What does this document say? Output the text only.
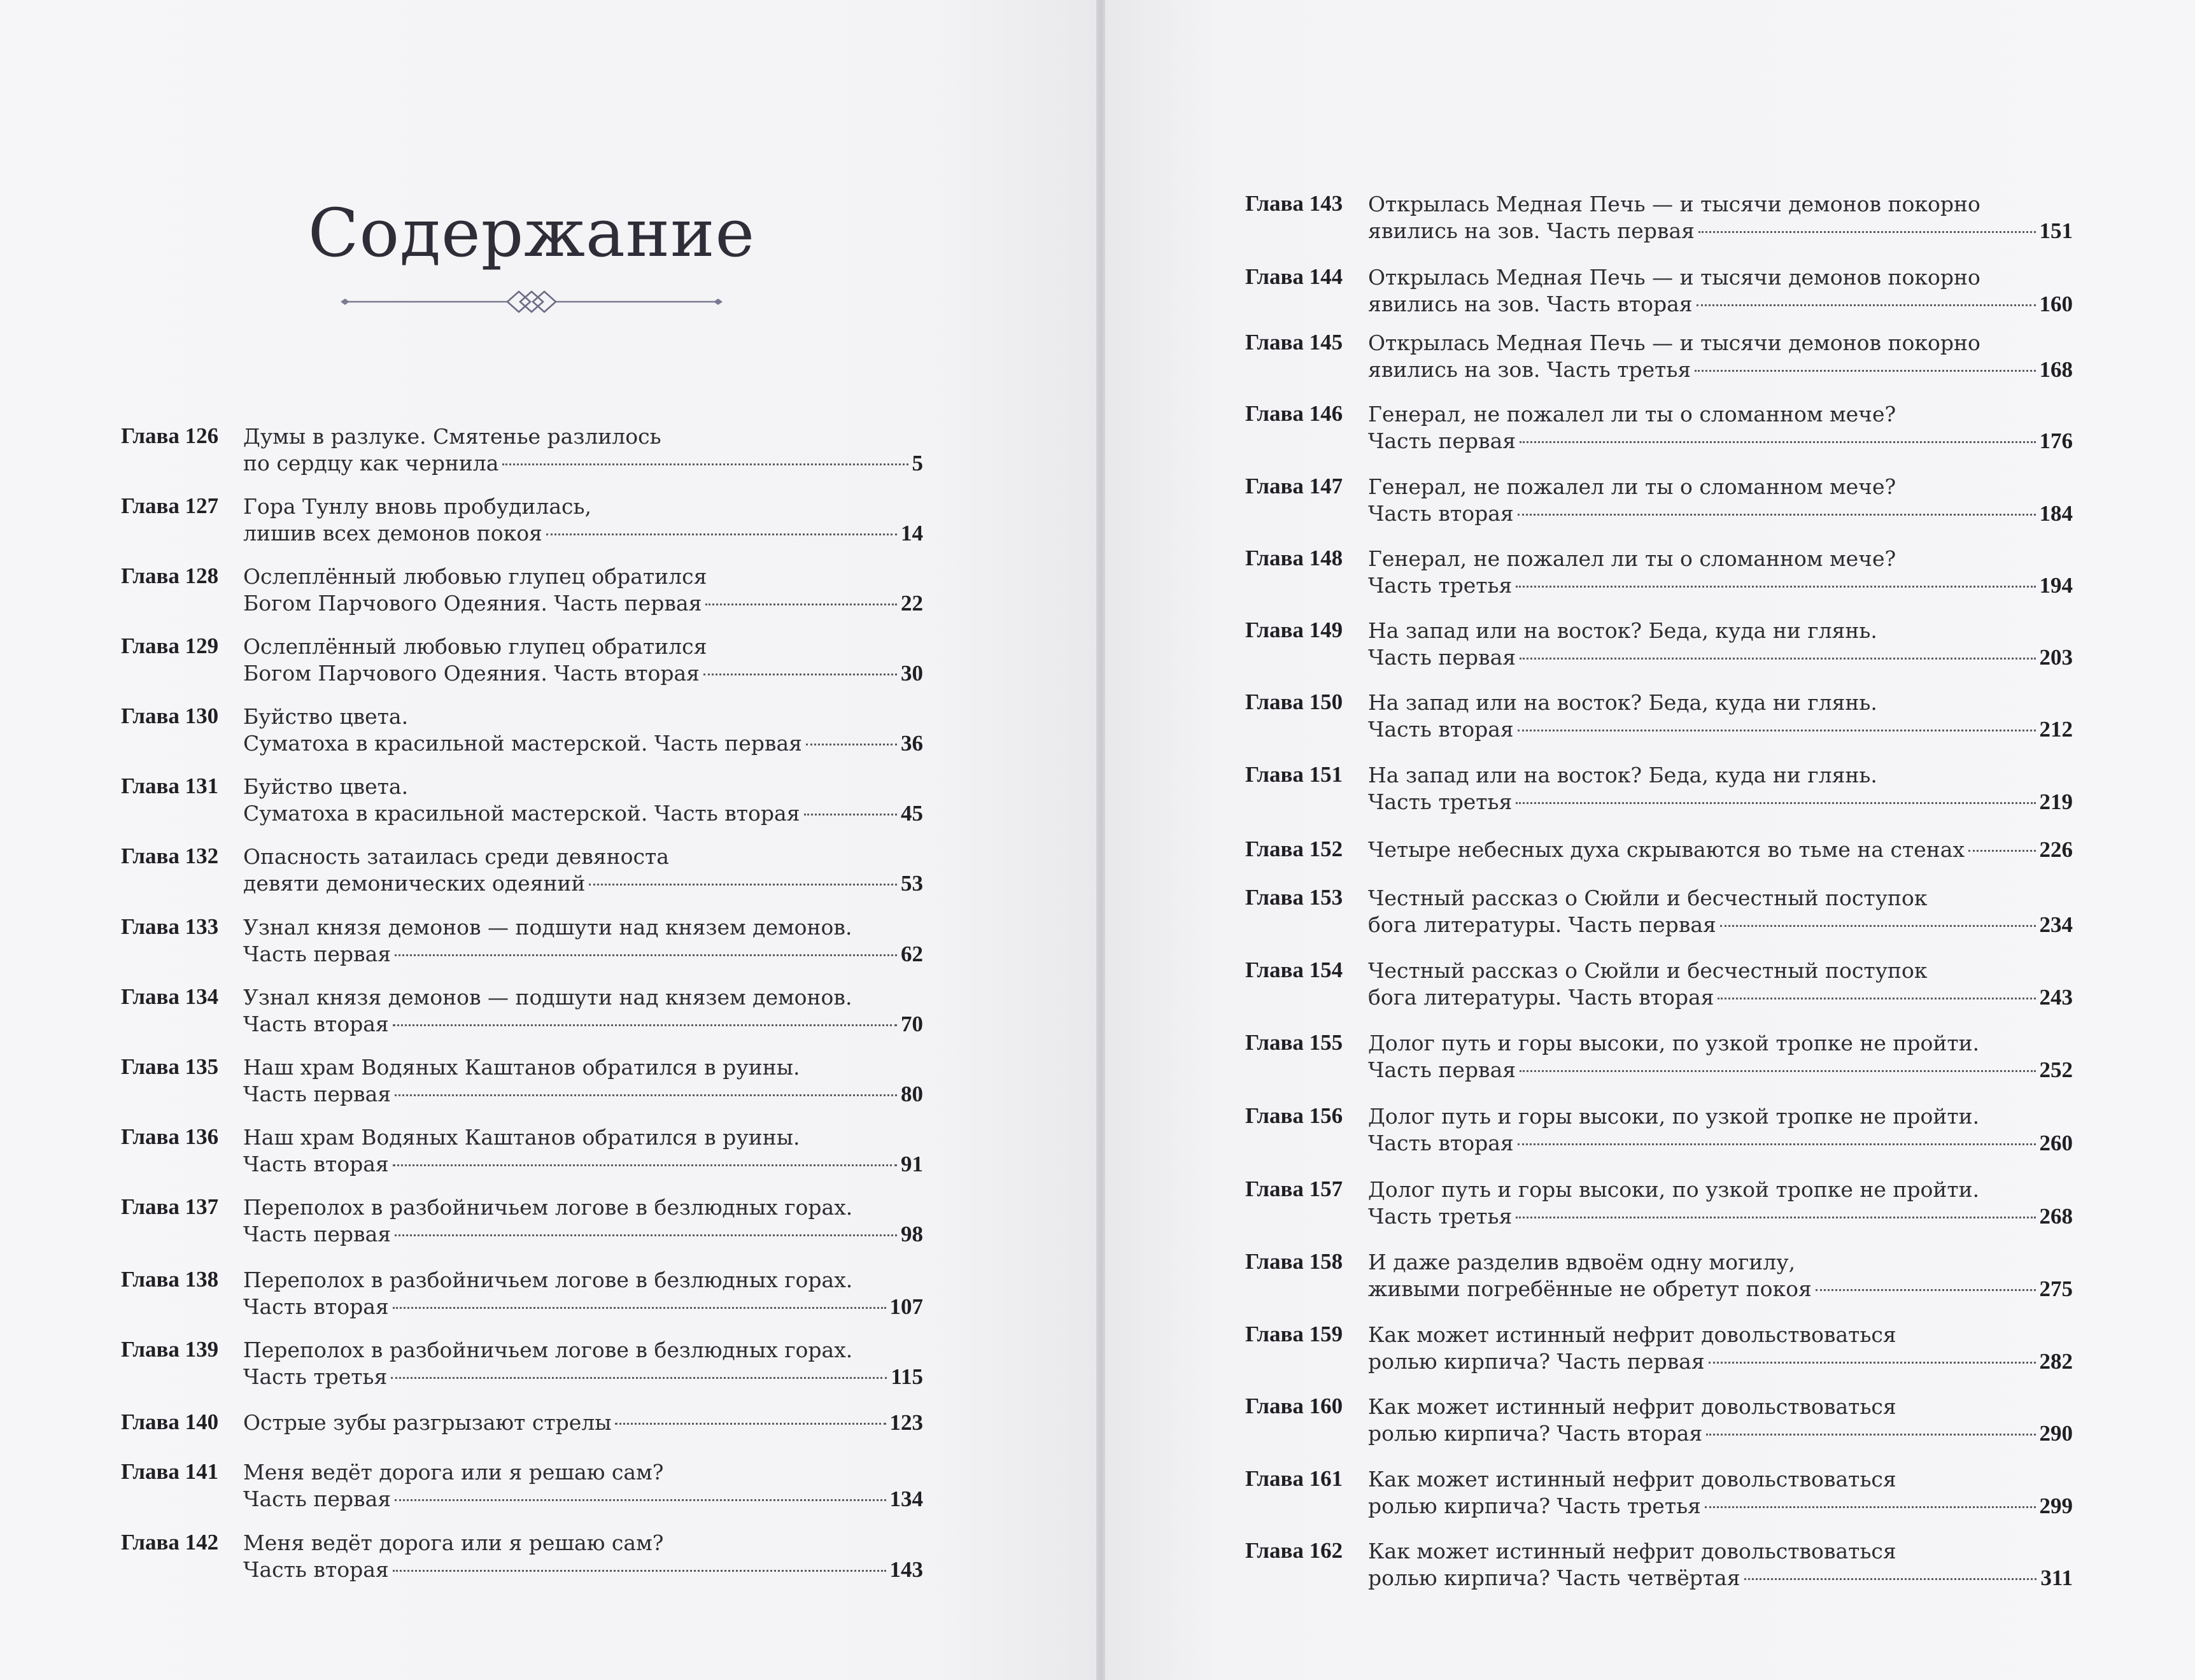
Содержание
Глава 126 Думы в разлуке. Смятенье разлилось
по сердцу как чернила	5
Глава 127 Гора Тунлу вновь пробудилась,
лишив всех демонов покоя	14
Глава 128 Ослеплённый любовью глупец обратился
Богом Парчового Одеяния. Часть первая	22
Глава 129 Ослеплённый любовью глупец обратился
Богом Парчового Одеяния. Часть вторая	30
Глава 130 Буйство цвета.
Суматоха в красильной мастерской. Часть первая	36
Глава 131 Буйство цвета.
Суматоха в красильной мастерской. Часть вторая	45
Глава 132 Опасность затаилась среди девяноста
девяти демонических одеяний	53
Глава 133 Узнал князя демонов — подшути над князем демонов.
Часть первая	62
Глава 134 Узнал князя демонов — подшути над князем демонов.
Часть вторая	70
Глава 135 Наш храм Водяных Каштанов обратился в руины.
Часть первая	80
Глава 136 Наш храм Водяных Каштанов обратился в руины.
Часть вторая	91
Глава 137 Переполох в разбойничьем логове в безлюдных горах.
Часть первая	98
Глава 138 Переполох в разбойничьем логове в безлюдных горах.
Часть вторая	107
Глава 139 Переполох в разбойничьем логове в безлюдных горах.
Часть третья	115
Глава 140 Острые зубы разгрызают стрелы	123
Глава 141 Меня ведёт дорога или я решаю сам?
Часть первая	134
Глава 142 Меня ведёт дорога или я решаю сам?
Часть вторая	143
Глава 143 Открылась Медная Печь — и тысячи демонов покорно
явились на зов. Часть первая	151
Глава 144 Открылась Медная Печь — и тысячи демонов покорно
явились на зов. Часть вторая	160
Глава 145 Открылась Медная Печь — и тысячи демонов покорно
явились на зов. Часть третья	168
Глава 146 Генерал, не пожалел ли ты о сломанном мече?
Часть первая	176
Глава 147 Генерал, не пожалел ли ты о сломанном мече?
Часть вторая	184
Глава 148 Генерал, не пожалел ли ты о сломанном мече?
Часть третья	194
Глава 149 На запад или на восток? Беда, куда ни глянь.
Часть первая	203
Глава 150 На запад или на восток? Беда, куда ни глянь.
Часть вторая	212
Глава 151 На запад или на восток? Беда, куда ни глянь.
Часть третья	219
Глава 152 Четыре небесных духа скрываются во тьме на стенах	226
Глава 153 Честный рассказ о Сюйли и бесчестный поступок
бога литературы. Часть первая	234
Глава 154 Честный рассказ о Сюйли и бесчестный поступок
бога литературы. Часть вторая	243
Глава 155 Долог путь и горы высоки, по узкой тропке не пройти.
Часть первая	252
Глава 156 Долог путь и горы высоки, по узкой тропке не пройти.
Часть вторая	260
Глава 157 Долог путь и горы высоки, по узкой тропке не пройти.
Часть третья	268
Глава 158 И даже разделив вдвоём одну могилу,
живыми погребённые не обретут покоя	275
Глава 159 Как может истинный нефрит довольствоваться
ролью кирпича? Часть первая	282
Глава 160 Как может истинный нефрит довольствоваться
ролью кирпича? Часть вторая	290
Глава 161 Как может истинный нефрит довольствоваться
ролью кирпича? Часть третья	299
Глава 162 Как может истинный нефрит довольствоваться
ролью кирпича? Часть четвёртая	311
